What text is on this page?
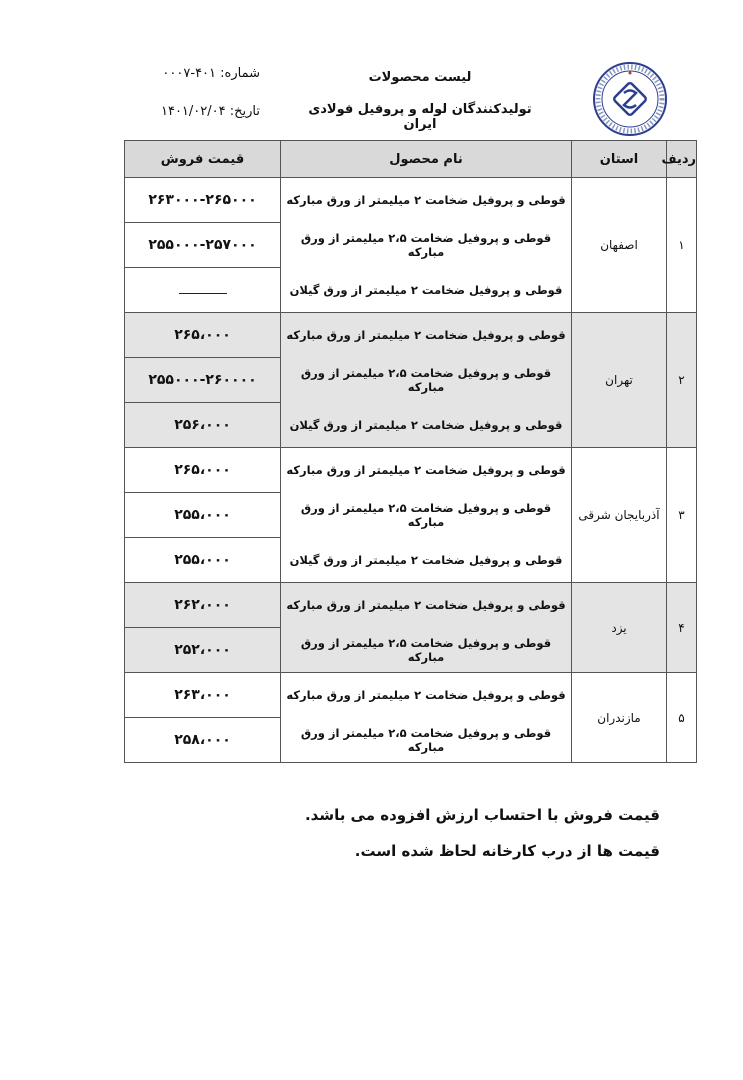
شماره: ۴۰۱-۰۰۰۷
تاریخ: ۱۴۰۱/۰۲/۰۴
لیست محصولات
تولیدکنندگان لوله و پروفیل فولادی ایران
ردیف	استان	نام محصول	قیمت فروش
۱	اصفهان	قوطی و پروفیل ضخامت ۲ میلیمتر از ورق مبارکه	۲۶۳۰۰۰-۲۶۵۰۰۰
		قوطی و پروفیل ضخامت ۲،۵ میلیمتر از ورق مبارکه	۲۵۵۰۰۰-۲۵۷۰۰۰
		قوطی و پروفیل ضخامت ۲ میلیمتر از ورق گیلان	
۲	تهران	قوطی و پروفیل ضخامت ۲ میلیمتر از ورق مبارکه	۲۶۵،۰۰۰
		قوطی و پروفیل ضخامت ۲،۵ میلیمتر از ورق مبارکه	۲۵۵۰۰۰-۲۶۰۰۰۰
		قوطی و پروفیل ضخامت ۲ میلیمتر از ورق گیلان	۲۵۶،۰۰۰
۳	آذربایجان شرقی	قوطی و پروفیل ضخامت ۲ میلیمتر از ورق مبارکه	۲۶۵،۰۰۰
		قوطی و پروفیل ضخامت ۲،۵ میلیمتر از ورق مبارکه	۲۵۵،۰۰۰
		قوطی و پروفیل ضخامت ۲ میلیمتر از ورق گیلان	۲۵۵،۰۰۰
۴	یزد	قوطی و پروفیل ضخامت ۲ میلیمتر از ورق مبارکه	۲۶۲،۰۰۰
		قوطی و پروفیل ضخامت ۲،۵ میلیمتر از ورق مبارکه	۲۵۲،۰۰۰
۵	مازندران	قوطی و پروفیل ضخامت ۲ میلیمتر از ورق مبارکه	۲۶۳،۰۰۰
		قوطی و پروفیل ضخامت ۲،۵ میلیمتر از ورق مبارکه	۲۵۸،۰۰۰
قیمت فروش با احتساب ارزش افزوده می باشد.
قیمت ها از درب کارخانه لحاظ شده است.
